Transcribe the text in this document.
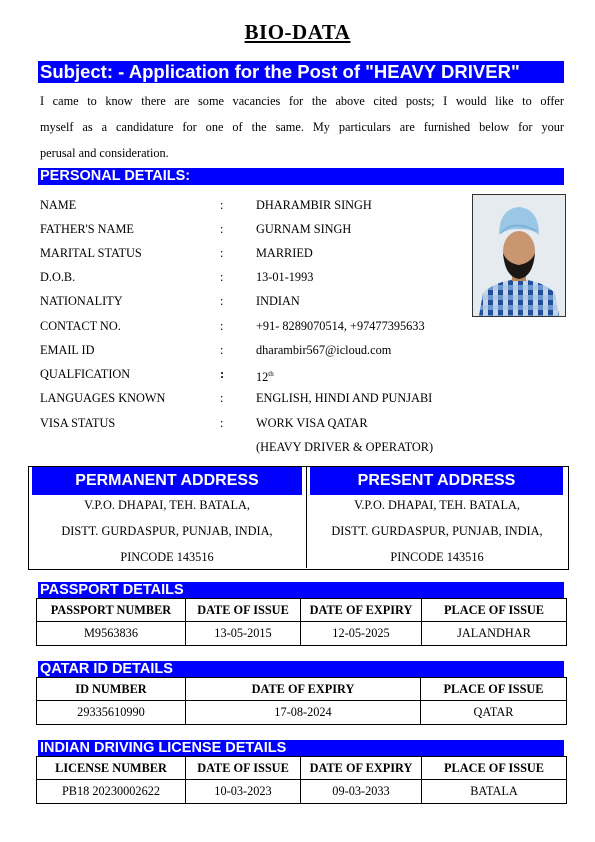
BIO-DATA
Subject: - Application for the Post of "HEAVY DRIVER"
I came to know there are some vacancies for the above cited posts; I would like to offer
myself as a candidature for one of the same. My particulars are furnished below for your
perusal and consideration.
PERSONAL DETAILS:
NAME	:	DHARAMBIR SINGH
FATHER'S NAME	:	GURNAM SINGH
MARITAL STATUS	:	MARRIED
D.O.B.	:	13-01-1993
NATIONALITY	:	INDIAN
CONTACT NO.	:	+91- 8289070514, +97477395633
EMAIL ID	:	dharambir567@icloud.com
QUALFICATION	:	12th
LANGUAGES KNOWN	:	ENGLISH, HINDI AND PUNJABI
VISA STATUS	:	WORK VISA QATAR
(HEAVY DRIVER & OPERATOR)
PERMANENT ADDRESS	PRESENT ADDRESS
V.P.O. DHAPAI, TEH. BATALA,
DISTT. GURDASPUR, PUNJAB, INDIA,
PINCODE 143516
V.P.O. DHAPAI, TEH. BATALA,
DISTT. GURDASPUR, PUNJAB, INDIA,
PINCODE 143516
PASSPORT DETAILS
PASSPORT NUMBER	DATE OF ISSUE	DATE OF EXPIRY	PLACE OF ISSUE
M9563836	13-05-2015	12-05-2025	JALANDHAR
QATAR ID DETAILS
ID NUMBER	DATE OF EXPIRY	PLACE OF ISSUE
29335610990	17-08-2024	QATAR
INDIAN DRIVING LICENSE DETAILS
LICENSE NUMBER	DATE OF ISSUE	DATE OF EXPIRY	PLACE OF ISSUE
PB18 20230002622	10-03-2023	09-03-2033	BATALA
